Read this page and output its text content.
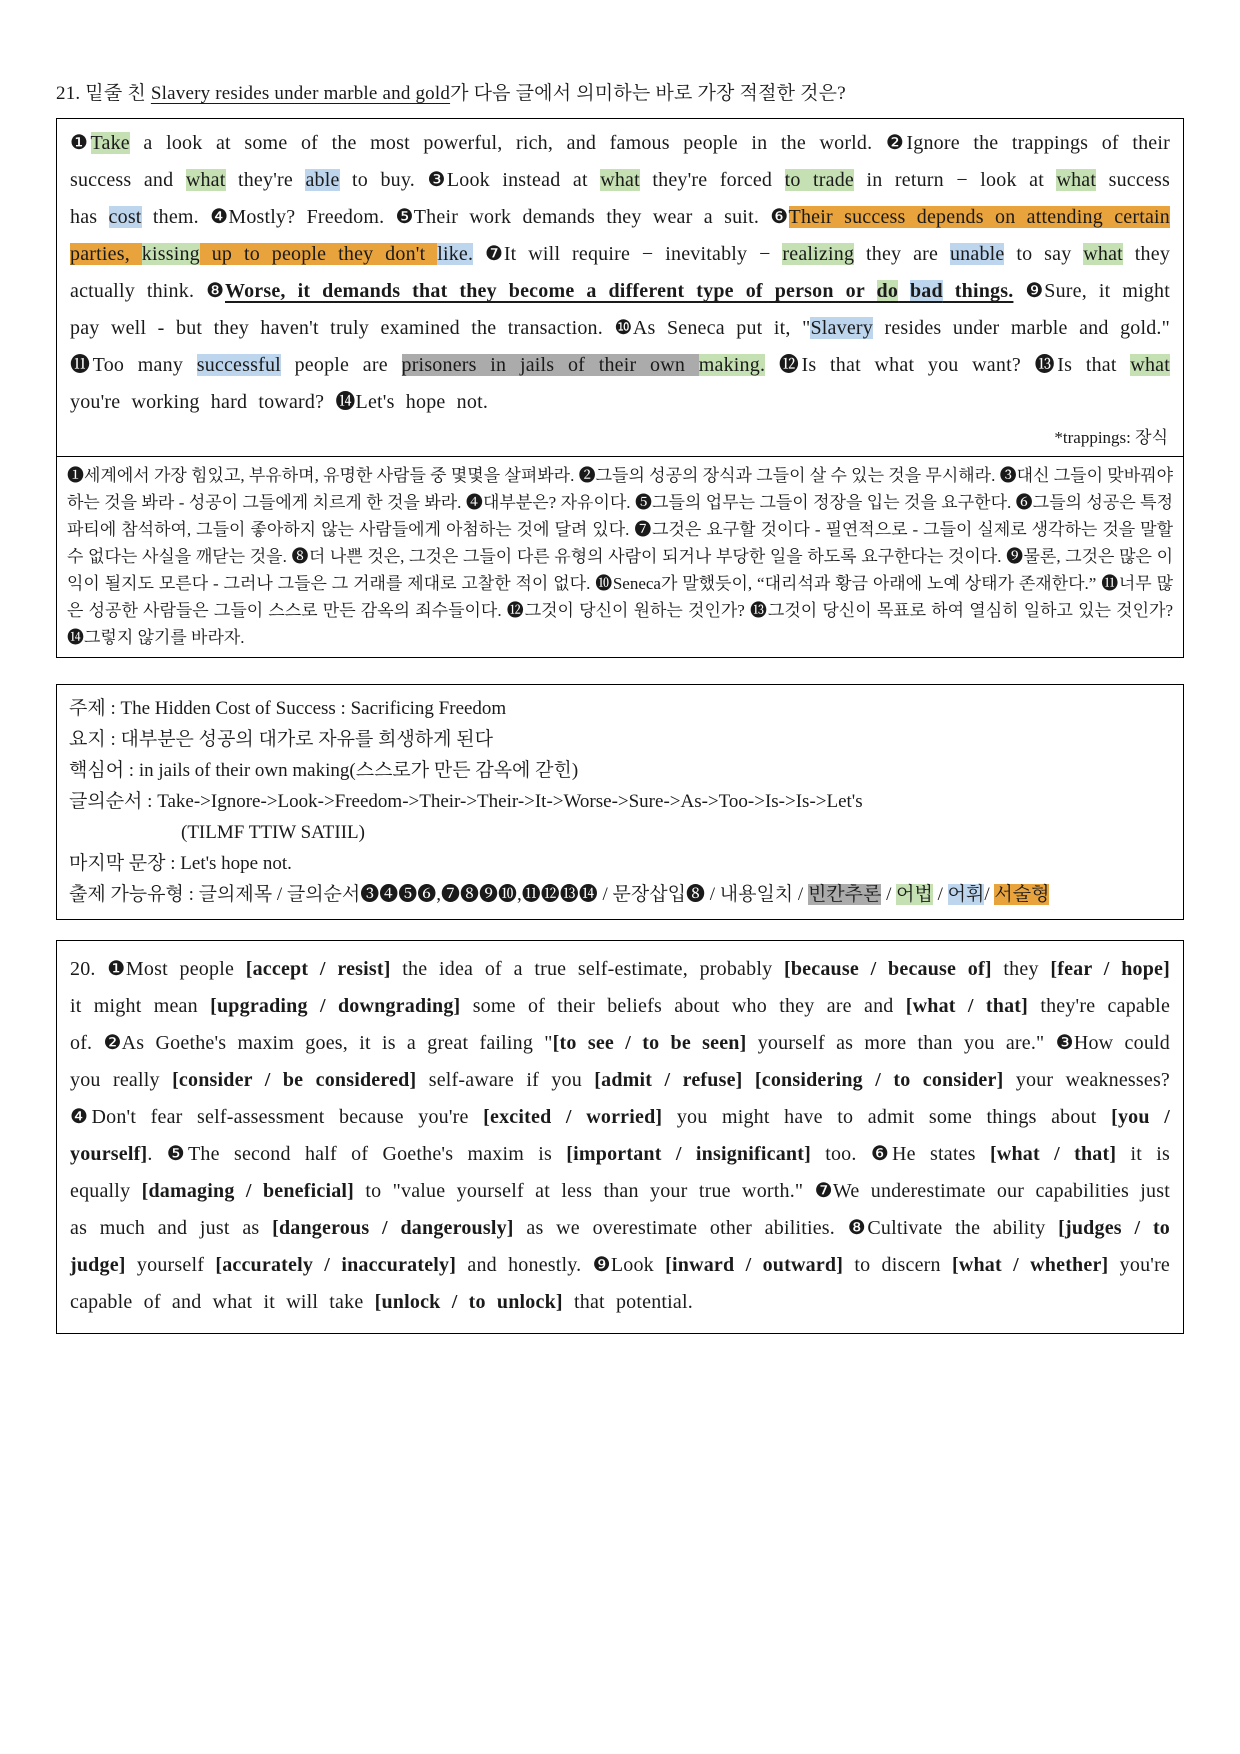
21. 밑줄 친 Slavery resides under marble and gold가 다음 글에서 의미하는 바로 가장 적절한 것은?

❶Take a look at some of the most powerful, rich, and famous people in the world. ❷Ignore the trappings of their success and what they're able to buy. ❸Look instead at what they're forced to trade in return − look at what success has cost them. ❹Mostly? Freedom. ❺Their work demands they wear a suit. ❻Their success depends on attending certain parties, kissing up to people they don't like. ❼It will require − inevitably − realizing they are unable to say what they actually think. ❽Worse, it demands that they become a different type of person or do bad things. ❾Sure, it might pay well - but they haven't truly examined the transaction. ❿As Seneca put it, "Slavery resides under marble and gold." ⓫Too many successful people are prisoners in jails of their own making. ⓬Is that what you want? ⓭Is that what you're working hard toward? ⓮Let's hope not.

*trappings: 장식

❶세계에서 가장 힘있고, 부유하며, 유명한 사람들 중 몇몇을 살펴봐라. ❷그들의 성공의 장식과 그들이 살 수 있는 것을 무시해라. ❸대신 그들이 맞바꿔야 하는 것을 봐라 - 성공이 그들에게 치르게 한 것을 봐라. ❹대부분은? 자유이다. ❺그들의 업무는 그들이 정장을 입는 것을 요구한다. ❻그들의 성공은 특정 파티에 참석하여, 그들이 좋아하지 않는 사람들에게 아첨하는 것에 달려 있다. ❼그것은 요구할 것이다 - 필연적으로 - 그들이 실제로 생각하는 것을 말할 수 없다는 사실을 깨닫는 것을. ❽더 나쁜 것은, 그것은 그들이 다른 유형의 사람이 되거나 부당한 일을 하도록 요구한다는 것이다. ❾물론, 그것은 많은 이익이 될지도 모른다 - 그러나 그들은 그 거래를 제대로 고찰한 적이 없다. ❿Seneca가 말했듯이, “대리석과 황금 아래에 노예 상태가 존재한다.” ⓫너무 많은 성공한 사람들은 그들이 스스로 만든 감옥의 죄수들이다. ⓬그것이 당신이 원하는 것인가? ⓭그것이 당신이 목표로 하여 열심히 일하고 있는 것인가? ⓮그렇지 않기를 바라자.

주제 : The Hidden Cost of Success : Sacrificing Freedom
요지 : 대부분은 성공의 대가로 자유를 희생하게 된다
핵심어 : in jails of their own making(스스로가 만든 감옥에 갇힌)
글의순서 : Take->Ignore->Look->Freedom->Their->Their->It->Worse->Sure->As->Too->Is->Is->Let's
(TILMF TTIW SATIIL)
마지막 문장 : Let's hope not.
출제 가능유형 : 글의제목 / 글의순서❸❹❺❻,❼❽❾❿,⓫⓬⓭⓮ / 문장삽입❽ / 내용일치 / 빈칸추론 / 어법 / 어휘/ 서술형

20. ❶Most people [accept / resist] the idea of a true self-estimate, probably [because / because of] they [fear / hope] it might mean [upgrading / downgrading] some of their beliefs about who they are and [what / that] they're capable of. ❷As Goethe's maxim goes, it is a great failing "[to see / to be seen] yourself as more than you are." ❸How could you really [consider / be considered] self-aware if you [admit / refuse] [considering / to consider] your weaknesses? ❹Don't fear self-assessment because you're [excited / worried] you might have to admit some things about [you / yourself]. ❺The second half of Goethe's maxim is [important / insignificant] too. ❻He states [what / that] it is equally [damaging / beneficial] to "value yourself at less than your true worth." ❼We underestimate our capabilities just as much and just as [dangerous / dangerously] as we overestimate other abilities. ❽Cultivate the ability [judges / to judge] yourself [accurately / inaccurately] and honestly. ❾Look [inward / outward] to discern [what / whether] you're capable of and what it will take [unlock / to unlock] that potential.
